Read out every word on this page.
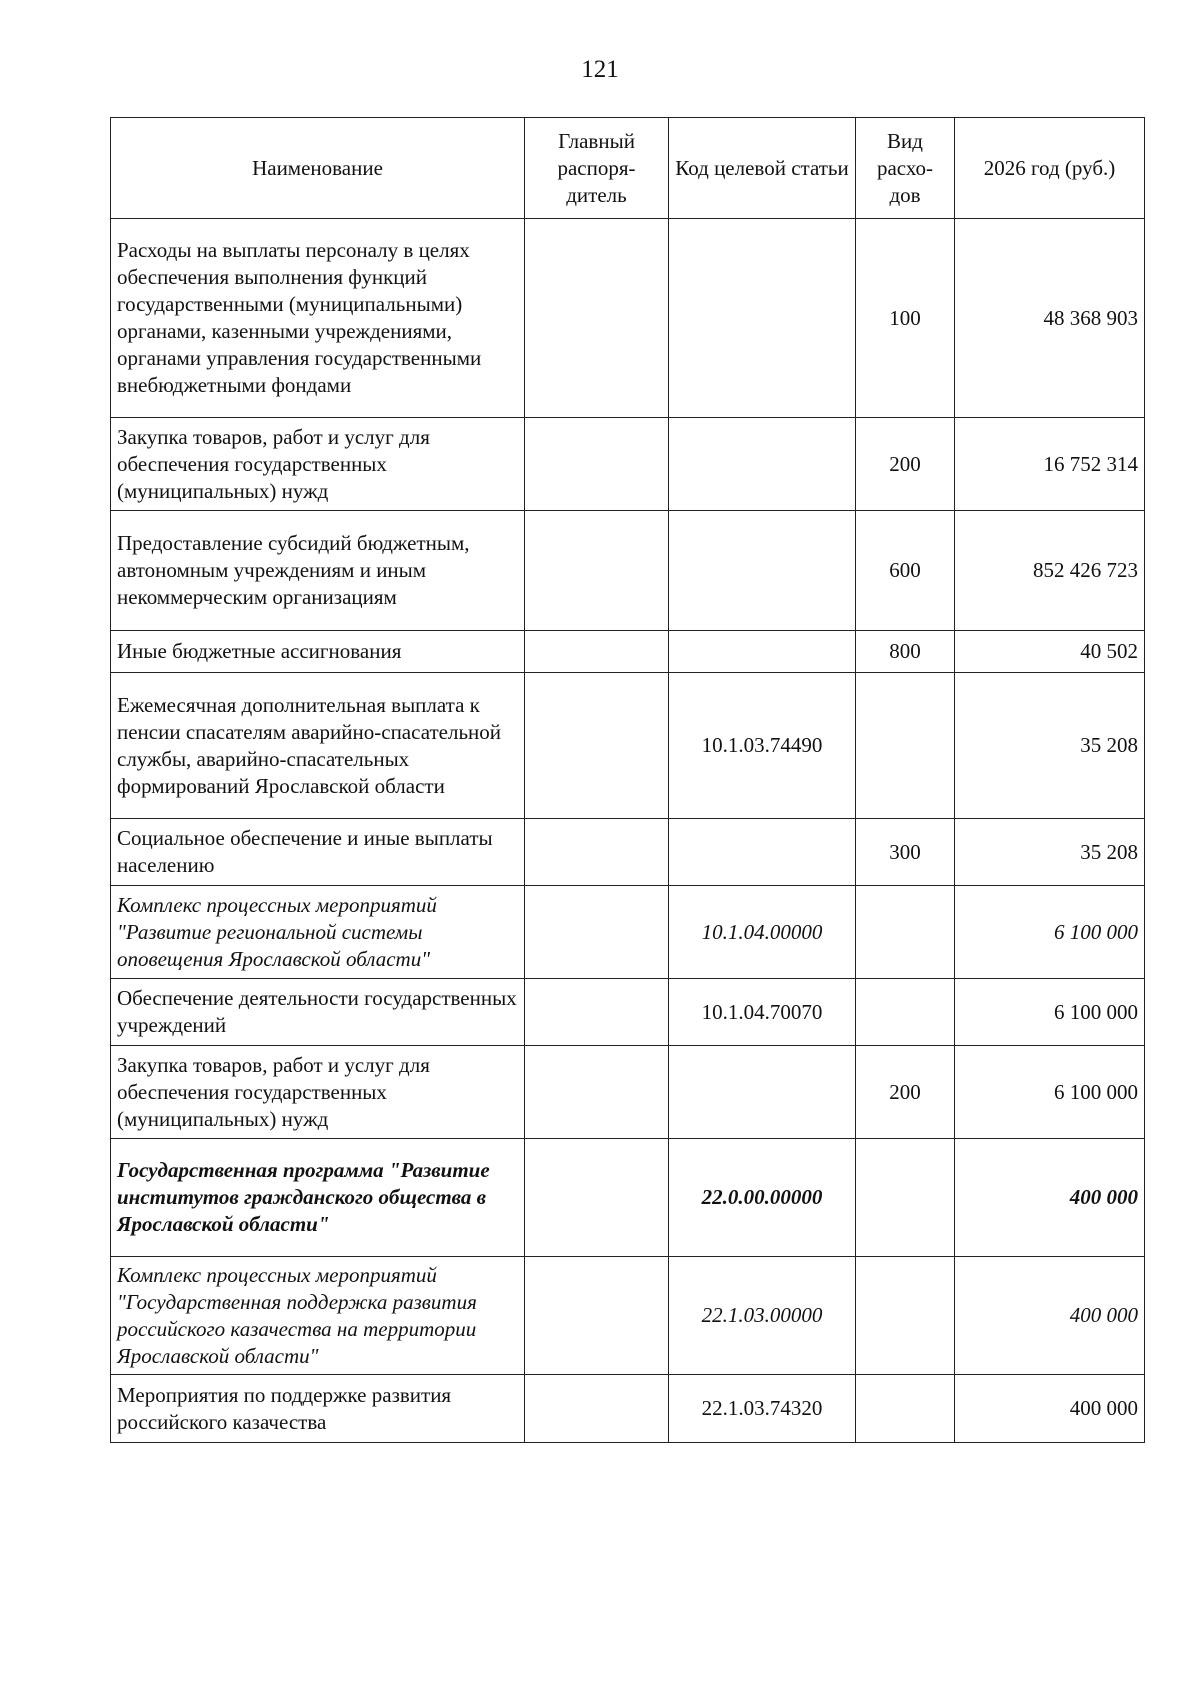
121
Наименование	Главный распоря-дитель	Код целевой статьи	Вид расхо-дов	2026 год (руб.)
Расходы на выплаты персоналу в целях обеспечения выполнения функций государственными (муниципальными) органами, казенными учреждениями, органами управления государственными внебюджетными фондами			100	48 368 903
Закупка товаров, работ и услуг для обеспечения государственных (муниципальных) нужд			200	16 752 314
Предоставление субсидий бюджетным, автономным учреждениям и иным некоммерческим организациям			600	852 426 723
Иные бюджетные ассигнования			800	40 502
Ежемесячная дополнительная выплата к пенсии спасателям аварийно-спасательной службы, аварийно-спасательных формирований Ярославской области		10.1.03.74490		35 208
Социальное обеспечение и иные выплаты населению			300	35 208
Комплекс процессных мероприятий "Развитие региональной системы оповещения Ярославской области"		10.1.04.00000		6 100 000
Обеспечение деятельности государственных учреждений		10.1.04.70070		6 100 000
Закупка товаров, работ и услуг для обеспечения государственных (муниципальных) нужд			200	6 100 000
Государственная программа "Развитие институтов гражданского общества в Ярославской области"		22.0.00.00000		400 000
Комплекс процессных мероприятий "Государственная поддержка развития российского казачества на территории Ярославской области"		22.1.03.00000		400 000
Мероприятия по поддержке развития российского казачества		22.1.03.74320		400 000
